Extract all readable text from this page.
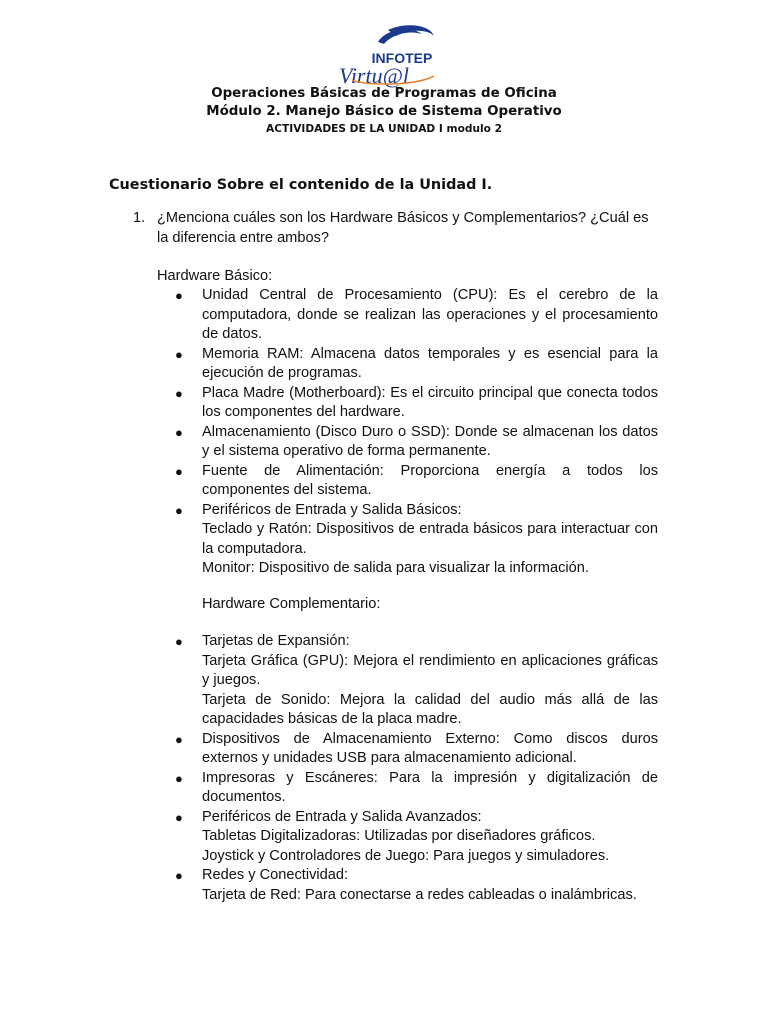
INFOTEP
Virtu@l
Operaciones Básicas de Programas de Oficina
Módulo 2. Manejo Básico de Sistema Operativo
ACTIVIDADES DE LA UNIDAD I modulo 2
Cuestionario Sobre el contenido de la Unidad I.
1. ¿Menciona cuáles son los Hardware Básicos y Complementarios? ¿Cuál es la diferencia entre ambos?
Hardware Básico:
● Unidad Central de Procesamiento (CPU): Es el cerebro de la computadora, donde se realizan las operaciones y el procesamiento de datos.
● Memoria RAM: Almacena datos temporales y es esencial para la ejecución de programas.
● Placa Madre (Motherboard): Es el circuito principal que conecta todos los componentes del hardware.
● Almacenamiento (Disco Duro o SSD): Donde se almacenan los datos y el sistema operativo de forma permanente.
● Fuente de Alimentación: Proporciona energía a todos los componentes del sistema.
● Periféricos de Entrada y Salida Básicos:
Teclado y Ratón: Dispositivos de entrada básicos para interactuar con la computadora.
Monitor: Dispositivo de salida para visualizar la información.
Hardware Complementario:
● Tarjetas de Expansión:
Tarjeta Gráfica (GPU): Mejora el rendimiento en aplicaciones gráficas y juegos.
Tarjeta de Sonido: Mejora la calidad del audio más allá de las capacidades básicas de la placa madre.
● Dispositivos de Almacenamiento Externo: Como discos duros externos y unidades USB para almacenamiento adicional.
● Impresoras y Escáneres: Para la impresión y digitalización de documentos.
● Periféricos de Entrada y Salida Avanzados:
Tabletas Digitalizadoras: Utilizadas por diseñadores gráficos.
Joystick y Controladores de Juego: Para juegos y simuladores.
● Redes y Conectividad:
Tarjeta de Red: Para conectarse a redes cableadas o inalámbricas.
